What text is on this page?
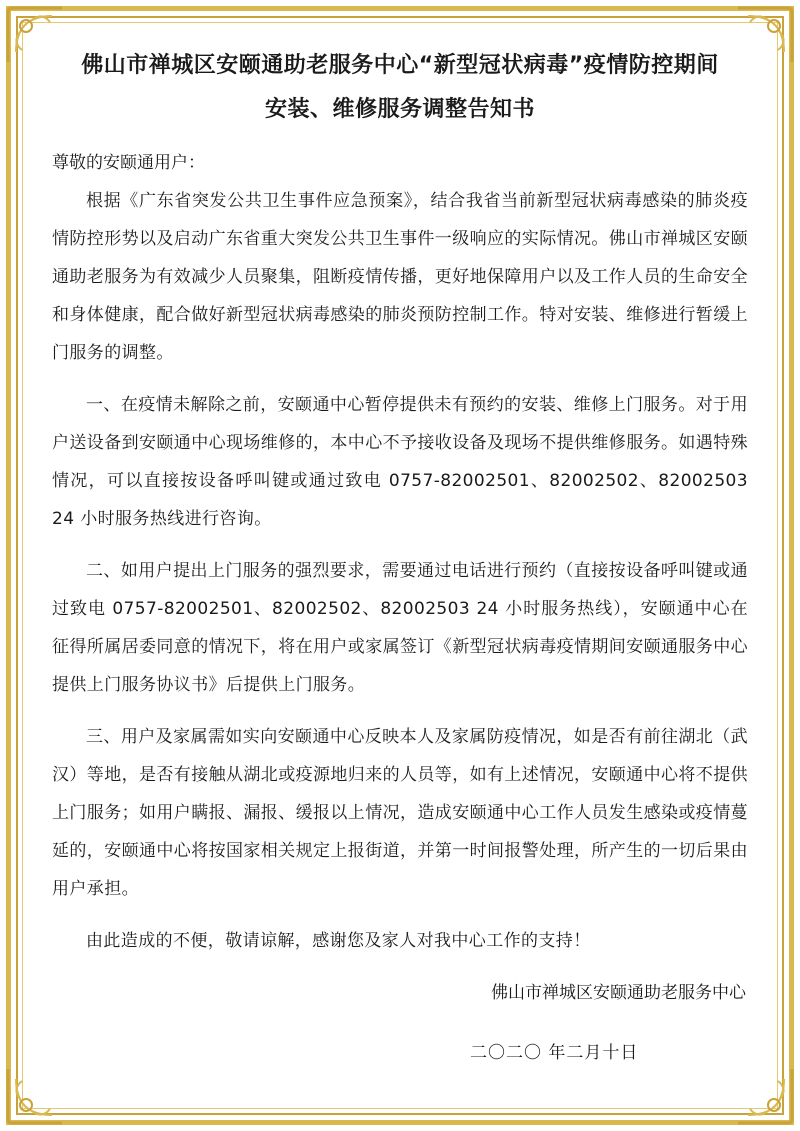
佛山市禅城区安颐通助老服务中心“新型冠状病毒”疫情防控期间
安装、维修服务调整告知书
尊敬的安颐通用户：

根据《广东省突发公共卫生事件应急预案》，结合我省当前新型冠状病毒感染的肺炎疫情防控形势以及启动广东省重大突发公共卫生事件一级响应的实际情况。佛山市禅城区安颐通助老服务为有效减少人员聚集，阻断疫情传播，更好地保障用户以及工作人员的生命安全和身体健康，配合做好新型冠状病毒感染的肺炎预防控制工作。特对安装、维修进行暂缓上门服务的调整。

一、在疫情未解除之前，安颐通中心暂停提供未有预约的安装、维修上门服务。对于用户送设备到安颐通中心现场维修的，本中心不予接收设备及现场不提供维修服务。如遇特殊情况，可以直接按设备呼叫键或通过致电 0757-82002501、82002502、82002503 24 小时服务热线进行咨询。

二、如用户提出上门服务的强烈要求，需要通过电话进行预约（直接按设备呼叫键或通过致电 0757-82002501、82002502、82002503 24 小时服务热线），安颐通中心在征得所属居委同意的情况下，将在用户或家属签订《新型冠状病毒疫情期间安颐通服务中心提供上门服务协议书》后提供上门服务。

三、用户及家属需如实向安颐通中心反映本人及家属防疫情况，如是否有前往湖北（武汉）等地，是否有接触从湖北或疫源地归来的人员等，如有上述情况，安颐通中心将不提供上门服务；如用户瞒报、漏报、缓报以上情况，造成安颐通中心工作人员发生感染或疫情蔓延的，安颐通中心将按国家相关规定上报街道，并第一时间报警处理，所产生的一切后果由用户承担。

由此造成的不便，敬请谅解，感谢您及家人对我中心工作的支持！

佛山市禅城区安颐通助老服务中心
二〇二〇 年二月十日
